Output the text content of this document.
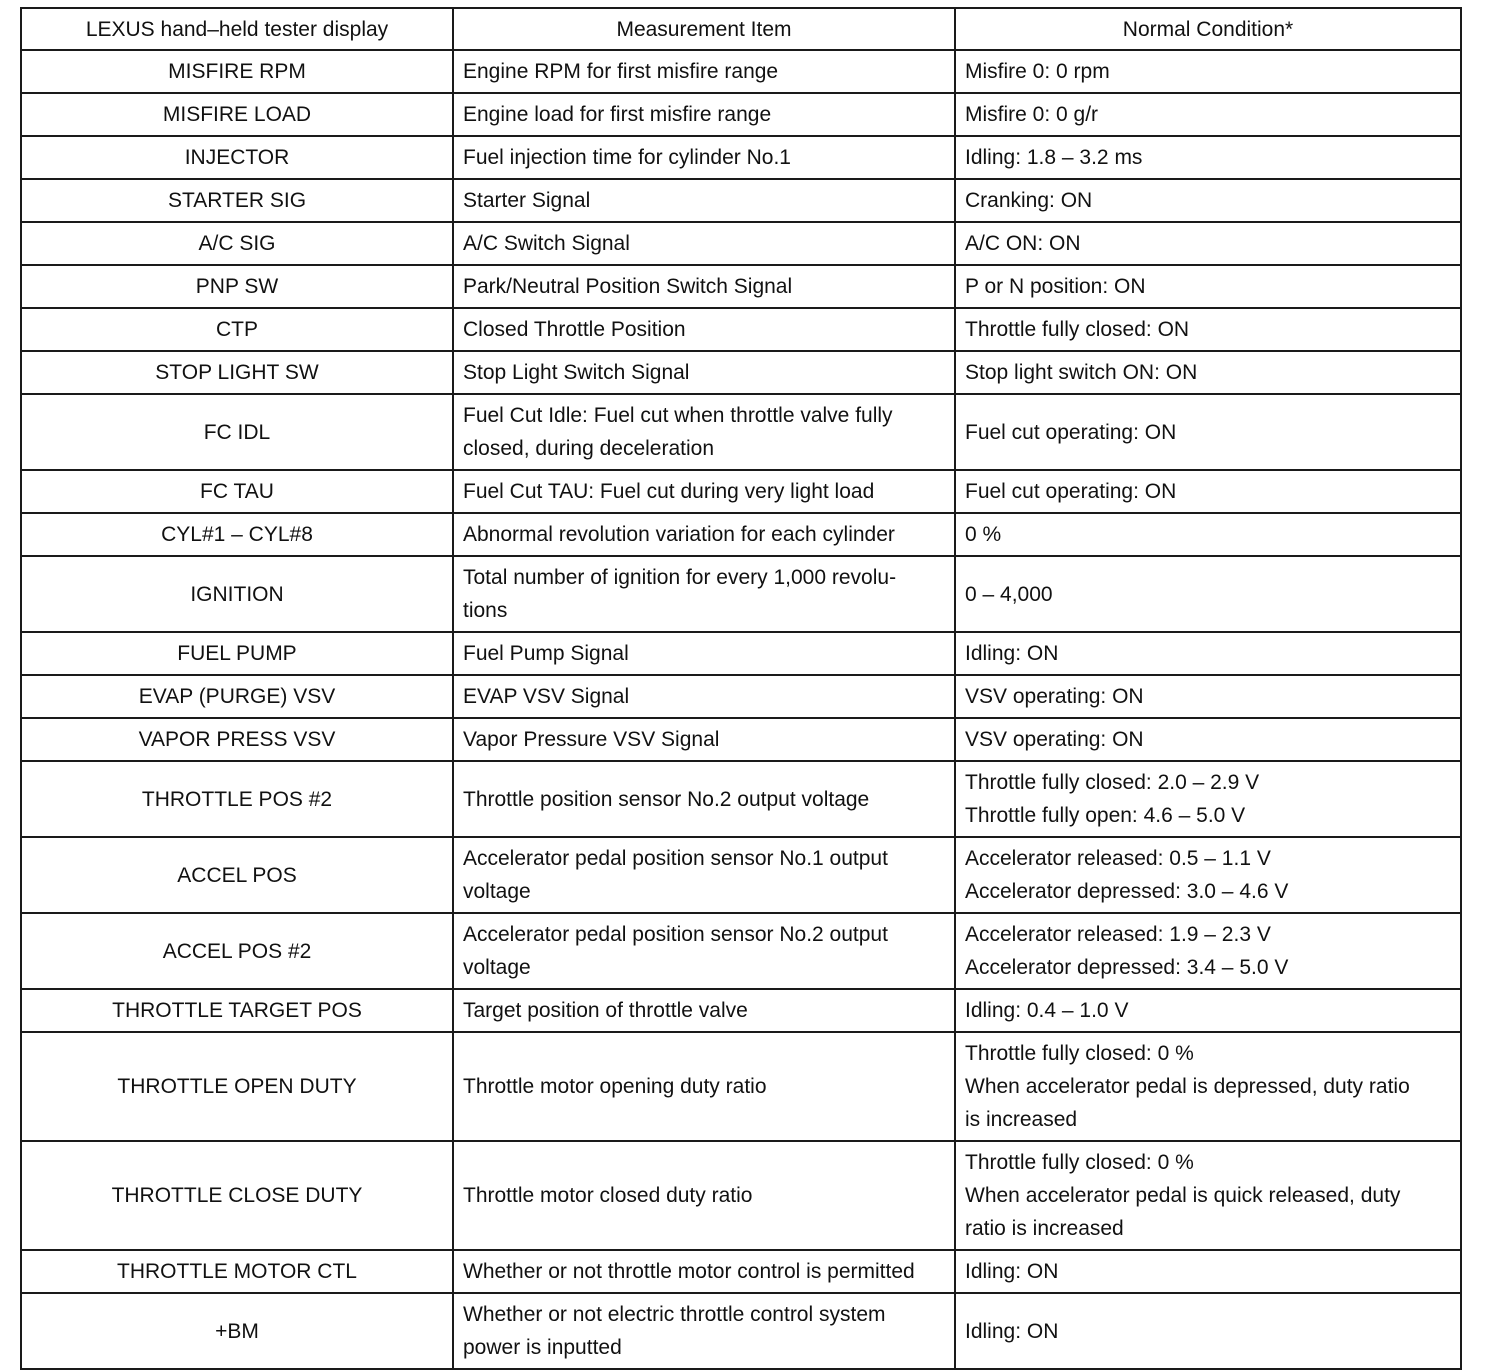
LEXUS hand–held tester display	Measurement Item	Normal Condition*
MISFIRE RPM	Engine RPM for first misfire range	Misfire 0: 0 rpm

MISFIRE LOAD	Engine load for first misfire range	Misfire 0: 0 g/r

INJECTOR	Fuel injection time for cylinder No.1	Idling: 1.8 – 3.2 ms

STARTER SIG	Starter Signal	Cranking: ON

A/C SIG	A/C Switch Signal	A/C ON: ON

PNP SW	Park/Neutral Position Switch Signal	P or N position: ON

CTP	Closed Throttle Position	Throttle fully closed: ON

STOP LIGHT SW	Stop Light Switch Signal	Stop light switch ON: ON

FC IDL	Fuel Cut Idle: Fuel cut when throttle valve fully
closed, during deceleration	Fuel cut operating: ON

FC TAU	Fuel Cut TAU: Fuel cut during very light load	Fuel cut operating: ON

CYL#1 – CYL#8	Abnormal revolution variation for each cylinder	0 %

IGNITION	Total number of ignition for every 1,000 revolu-
tions	0 – 4,000

FUEL PUMP	Fuel Pump Signal	Idling: ON

EVAP (PURGE) VSV	EVAP VSV Signal	VSV operating: ON

VAPOR PRESS VSV	Vapor Pressure VSV Signal	VSV operating: ON

THROTTLE POS #2	Throttle position sensor No.2 output voltage	Throttle fully closed: 2.0 – 2.9 V
Throttle fully open: 4.6 – 5.0 V

ACCEL POS	Accelerator pedal position sensor No.1 output
voltage	Accelerator released: 0.5 – 1.1 V
Accelerator depressed: 3.0 – 4.6 V

ACCEL POS #2	Accelerator pedal position sensor No.2 output
voltage	Accelerator released: 1.9 – 2.3 V
Accelerator depressed: 3.4 – 5.0 V

THROTTLE TARGET POS	Target position of throttle valve	Idling: 0.4 – 1.0 V

THROTTLE OPEN DUTY	Throttle motor opening duty ratio	Throttle fully closed: 0 %
When accelerator pedal is depressed, duty ratio
is increased

THROTTLE CLOSE DUTY	Throttle motor closed duty ratio	Throttle fully closed: 0 %
When accelerator pedal is quick released, duty
ratio is increased

THROTTLE MOTOR CTL	Whether or not throttle motor control is permitted	Idling: ON

+BM	Whether or not electric throttle control system
power is inputted	Idling: ON
